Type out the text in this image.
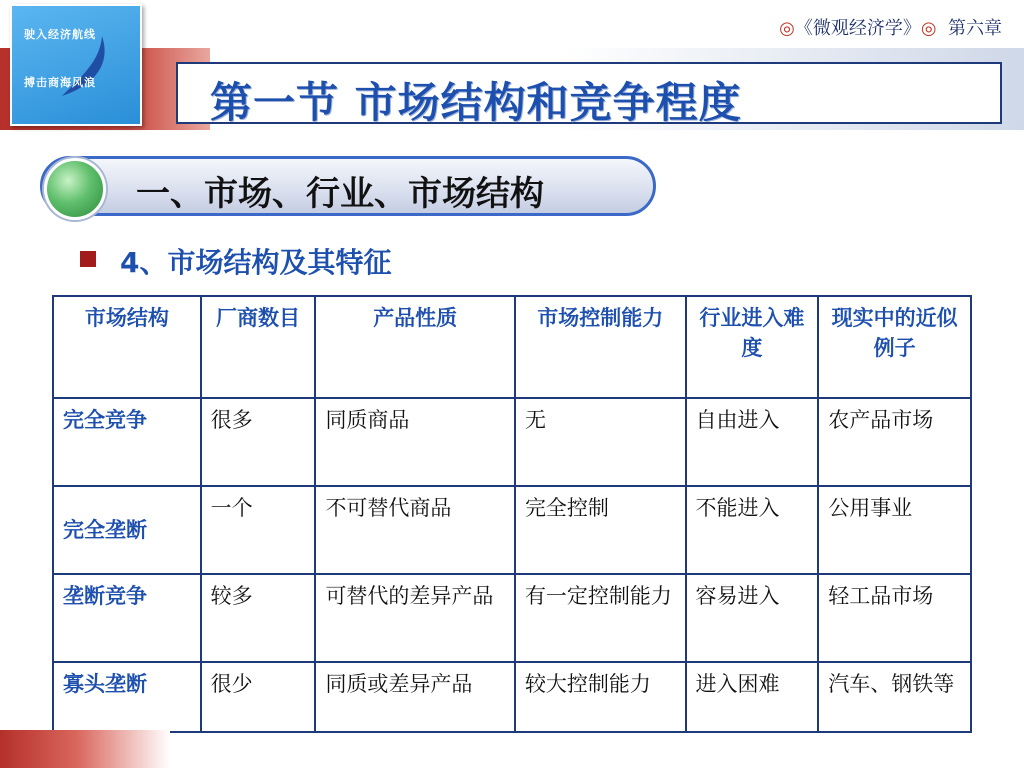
驶入经济航线
搏击商海风浪
◎《微观经济学》◎ 第六章
第一节 市场结构和竞争程度
一、市场、行业、市场结构
4、市场结构及其特征
市场结构	厂商数目	产品性质	市场控制能力	行业进入难度	现实中的近似例子
完全竞争	很多	同质商品	无	自由进入	农产品市场
完全垄断	一个	不可替代商品	完全控制	不能进入	公用事业
垄断竞争	较多	可替代的差异产品	有一定控制能力	容易进入	轻工品市场
寡头垄断	很少	同质或差异产品	较大控制能力	进入困难	汽车、钢铁等
